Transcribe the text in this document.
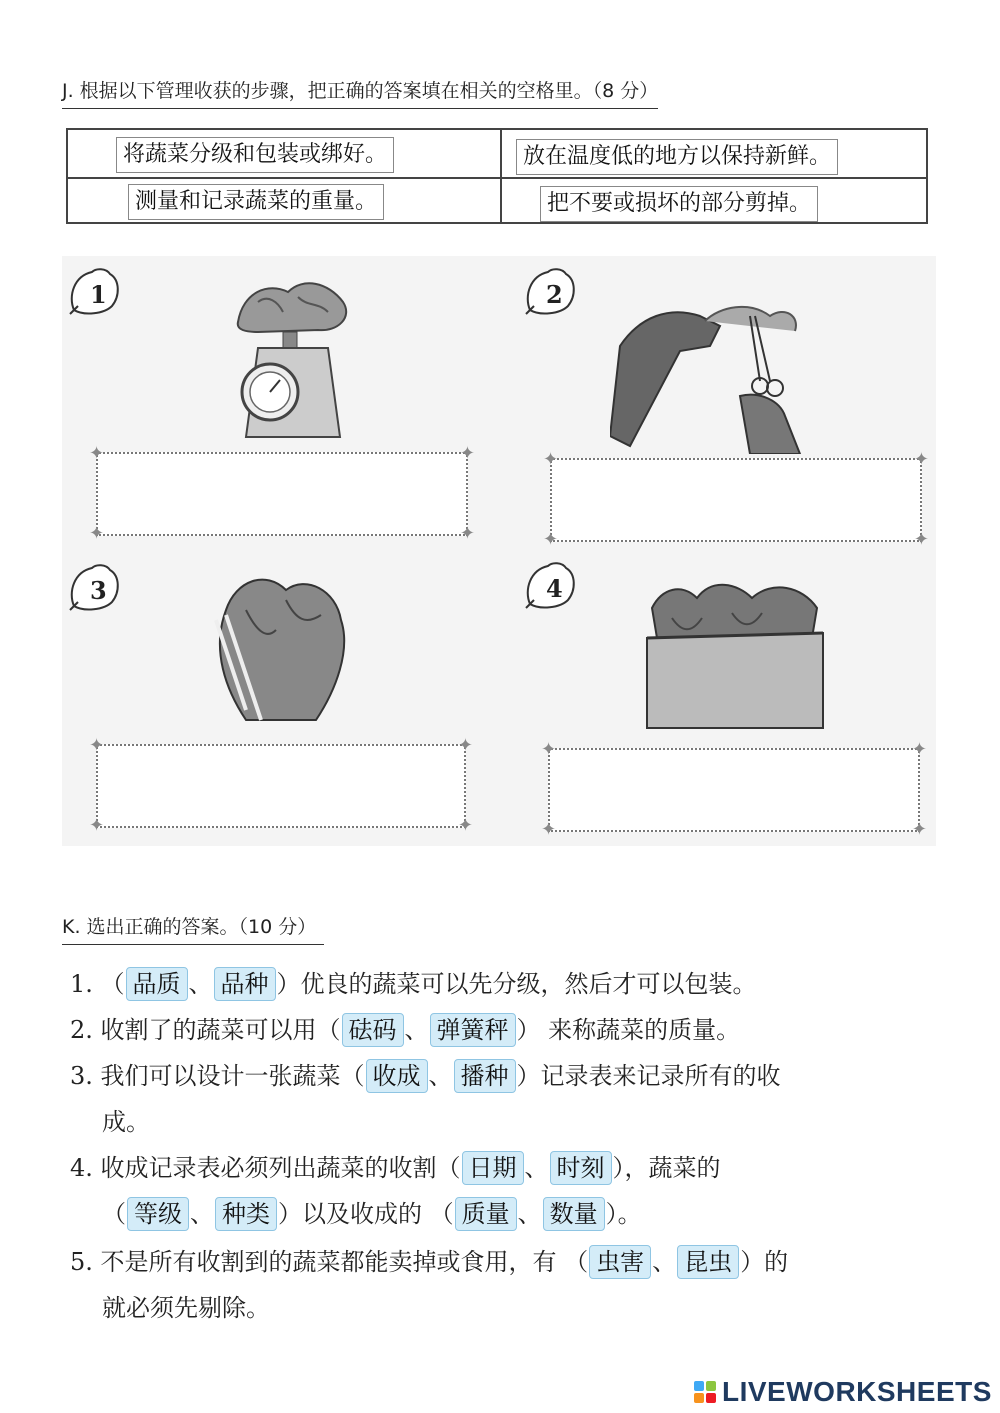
J. 根据以下管理收获的步骤，把正确的答案填在相关的空格里。（8 分）
将蔬菜分级和包装或绑好。	放在温度低的地方以保持新鲜。
测量和记录蔬菜的重量。	把不要或损坏的部分剪掉。
1
✦	✦
✦	✦
2
✦	✦
✦	✦
3
✦	✦
✦	✦
4
✦	✦
✦	✦
K. 选出正确的答案。（10 分）
1. （ 品质 、 品种 ）优良的蔬菜可以先分级，然后才可以包装。
2. 收割了的蔬菜可以用（ 砝码 、 弹簧秤 ） 来称蔬菜的质量。
3. 我们可以设计一张蔬菜（ 收成 、 播种 ）记录表来记录所有的收
成。
4. 收成记录表必须列出蔬菜的收割（ 日期 、 时刻 ），蔬菜的
（ 等级 、 种类 ）以及收成的 （ 质量 、 数量 ）。
5. 不是所有收割到的蔬菜都能卖掉或食用，有 （ 虫害 、 昆虫 ）的
就必须先剔除。
LIVEWORKSHEETS
